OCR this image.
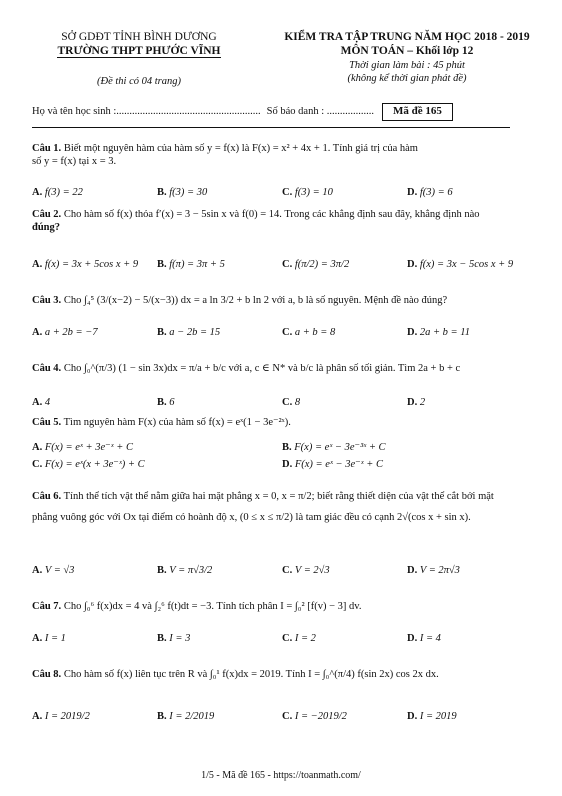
SỞ GDĐT TỈNH BÌNH DƯƠNG
TRƯỜNG THPT PHƯỚC VĨNH
(Đề thi có 04 trang)
KIỂM TRA TẬP TRUNG NĂM HỌC 2018 - 2019
MÔN TOÁN – Khối lớp 12
Thời gian làm bài : 45 phút
(không kể thời gian phát đề)
Họ và tên học sinh :....................................................... Số báo danh : ..................	Mã đề 165
Câu 1. Biết một nguyên hàm của hàm số y = f(x) là F(x) = x² + 4x + 1. Tính giá trị của hàm
số y = f(x) tại x = 3.
A. f(3) = 22	B. f(3) = 30	C. f(3) = 10	D. f(3) = 6
Câu 2. Cho hàm số f(x) thỏa f′(x) = 3 − 5sin x và f(0) = 14. Trong các khẳng định sau đây, khẳng định nào
đúng?
A. f(x) = 3x + 5cos x + 9	B. f(π) = 3π + 5	C. f(π/2) = 3π/2	D. f(x) = 3x − 5cos x + 9
Câu 3. Cho ∫₄⁵ (3/(x−2) − 5/(x−3)) dx = a ln 3/2 + b ln 2 với a, b là số nguyên. Mệnh đề nào đúng?
A. a + 2b = −7	B. a − 2b = 15	C. a + b = 8	D. 2a + b = 11
Câu 4. Cho ∫₀^(π/3) (1 − sin 3x)dx = π/a + b/c với a, c ∈ N* và b/c là phân số tối giản. Tìm 2a + b + c
A. 4	B. 6	C. 8	D. 2
Câu 5. Tìm nguyên hàm F(x) của hàm số f(x) = eˣ(1 − 3e⁻²ˣ).
A. F(x) = eˣ + 3e⁻ˣ + C	B. F(x) = eˣ − 3e⁻³ˣ + C
C. F(x) = eˣ(x + 3e⁻ˣ) + C	D. F(x) = eˣ − 3e⁻ˣ + C
Câu 6. Tính thể tích vật thể nằm giữa hai mặt phẳng x = 0, x = π/2; biết rằng thiết diện của vật thể cắt bởi mặt
phẳng vuông góc với Ox tại điểm có hoành độ x, (0 ≤ x ≤ π/2) là tam giác đều có cạnh 2√(cos x + sin x).
A. V = √3	B. V = π√3/2	C. V = 2√3	D. V = 2π√3
Câu 7. Cho ∫₀⁶ f(x)dx = 4 và ∫₂⁶ f(t)dt = −3. Tính tích phân I = ∫₀² [f(v) − 3] dv.
A. I = 1	B. I = 3	C. I = 2	D. I = 4
Câu 8. Cho hàm số f(x) liên tục trên R và ∫₀¹ f(x)dx = 2019. Tính I = ∫₀^(π/4) f(sin 2x) cos 2x dx.
A. I = 2019/2	B. I = 2/2019	C. I = −2019/2	D. I = 2019
1/5 - Mã đề 165 - https://toanmath.com/
